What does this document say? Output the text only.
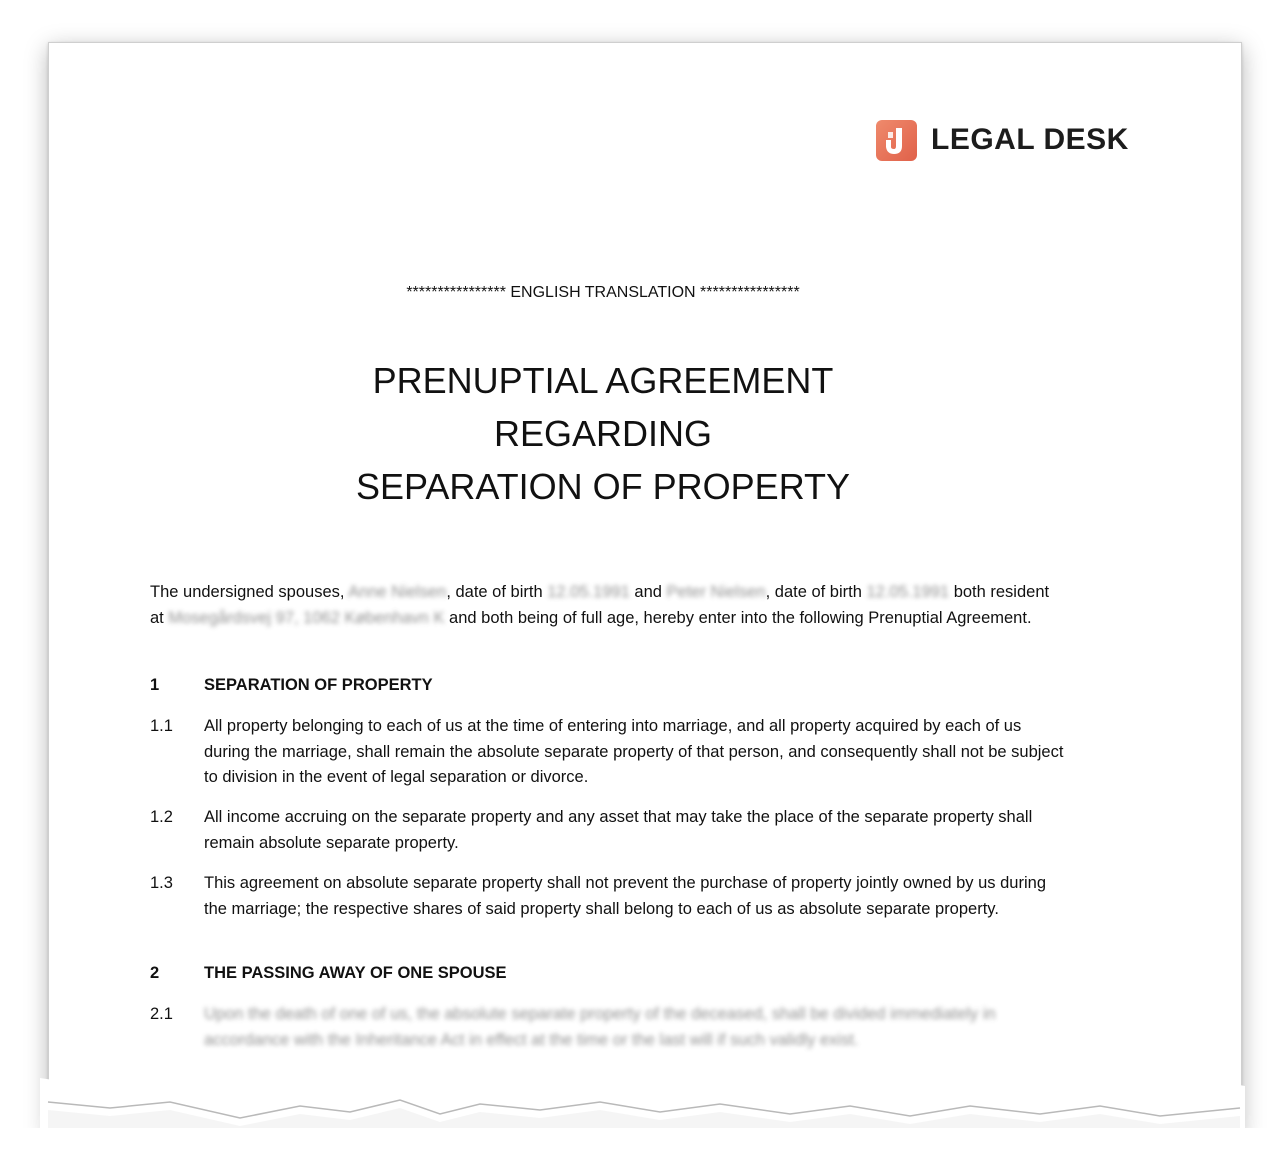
LEGAL DESK
**************** ENGLISH TRANSLATION ****************
PRENUPTIAL AGREEMENT
REGARDING
SEPARATION OF PROPERTY
The undersigned spouses, Anne Nielsen, date of birth 12.05.1991 and Peter Nielsen, date of birth 12.05.1991 both resident at Mosegårdsvej 97, 1062 København K and both being of full age, hereby enter into the following Prenuptial Agreement.
1	SEPARATION OF PROPERTY
1.1 All property belonging to each of us at the time of entering into marriage, and all property acquired by each of us during the marriage, shall remain the absolute separate property of that person, and consequently shall not be subject to division in the event of legal separation or divorce.
1.2 All income accruing on the separate property and any asset that may take the place of the separate property shall remain absolute separate property.
1.3 This agreement on absolute separate property shall not prevent the purchase of property jointly owned by us during the marriage; the respective shares of said property shall belong to each of us as absolute separate property.
2	THE PASSING AWAY OF ONE SPOUSE
2.1 Upon the death of one of us, the absolute separate property of the deceased, shall be divided immediately in accordance with the Inheritance Act in effect at the time or the last will if such validly exist.
